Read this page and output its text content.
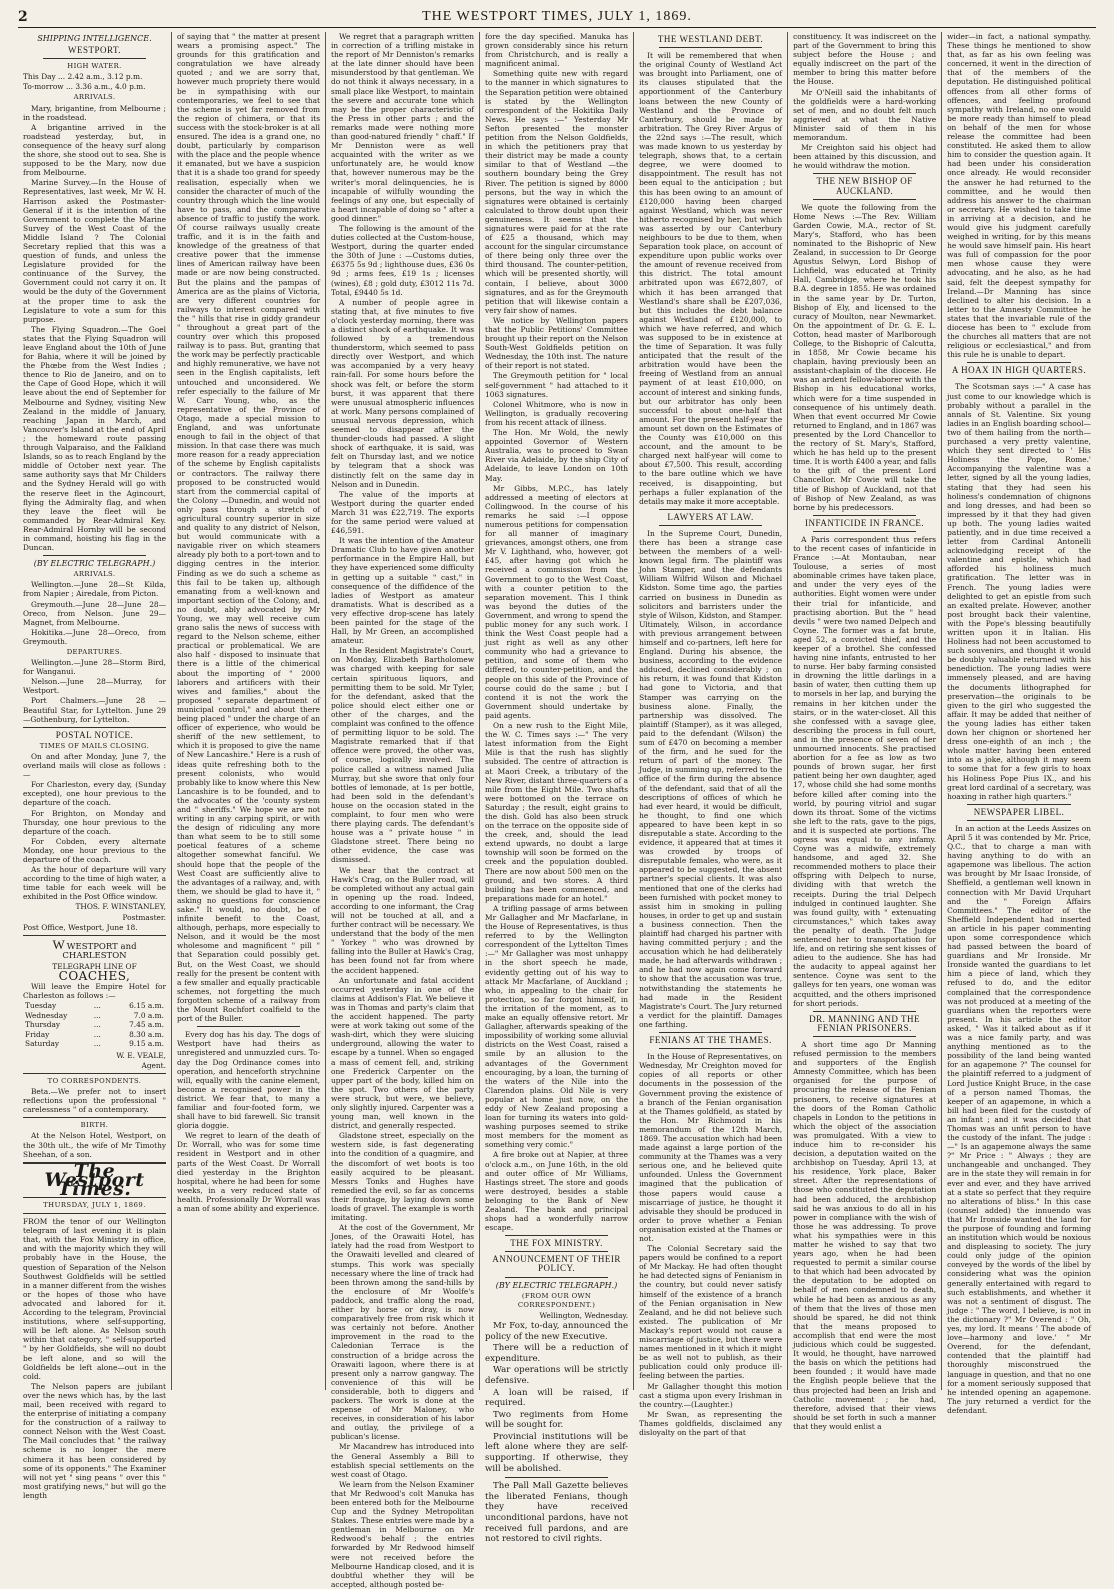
2	THE WESTPORT TIMES, JULY 1, 1869.
SHIPPING INTELLIGENCE.
WESTPORT.
HIGH WATER.

This Day ... 2.42 a.m., 3.12 p.m.

To-morrow ... 3.36 a.m., 4.0 p.m.

ARRIVALS.

Mary, brigantine, from Melbourne ; in the roadstead.

A brigantine arrived in the roadstead yesterday, but, in consequence of the heavy surf along the shore, she stood out to sea. She is supposed to be the Mary, now due from Melbourne.

Marine Survey.—In the House of Representatives, last week, Mr W. H. Harrison asked the Postmaster-General if it is the intention of the Government to complete the Marine Survey of the West Coast of the Middle Island ? The Colonial Secretary replied that this was a question of funds, and unless the Legislature provided for the continuance of the Survey, the Government could not carry it on. It would be the duty of the Government at the proper time to ask the Legislature to vote a sum for this purpose.

The Flying Squadron.—The Goel states that the Flying Squadron will leave England about the 10th of June for Bahia, where it will be joined by the Phœbe from the West Indies ; thence to Rio de Janeiro, and on to the Cape of Good Hope, which it will leave about the end of September for Melbourne and Sydney, visiting New Zealand in the middle of January, reaching Japan in March, and Vancouver's Island at the end of April ; the homeward route passing through Valparaiso, and the Falkland Islands, so as to reach England by the middle of October next year. The same authority says that Mr Childers and the Sydney Herald will go with the reserve fleet in the Agincourt, flying the Admiralty flag, and when they leave the fleet will be commanded by Rear-Admiral Key. Rear-Admiral Hornby will be second in command, hoisting his flag in the Duncan.

(BY ELECTRIC TELEGRAPH.)
ARRIVALS.

Wellington.—June 28—St Kilda, from Napier ; Airedale, from Picton.

Greymouth.—June 28—June 28—Oreco, from Nelson. June 29—Magnet, from Melbourne.

Hokitika.—June 28—Oreco, from Greymouth.

DEPARTURES.

Wellington.—June 28—Storm Bird, for Wanganui.

Nelson.—June 28—Murray, for Westport.

Port Chalmers.—June 28 — Beautiful Star, for Lyttelton. June 29—Gothenburg, for Lyttelton.

POSTAL NOTICE.
TIMES OF MAILS CLOSING.

On and after Monday, June 7, the overland mails will close as follows :—

For Charleston, every day, (Sunday excepted), one hour previous to the departure of the coach.

For Brighton, on Monday and Thursday, one hour previous to the departure of the coach.

For Cobden, every alternate Monday, one hour previous to the departure of the coach.

As the hour of departure will vary according to the time of high water, a time table for each week will be exhibited in the Post Office window.

THOS. F. WINSTANLEY,

Postmaster.

Post Office, Westport, June 18.

WWESTPORT and CHARLESTON

TELEGRAPH LINE OF

COACHES,

Will leave the Empire Hotel for Charleston as follows :—

Tuesday	...	6.15 a.m.
Wednesday	...	7.0 a.m.
Thursday	...	7.45 a.m.
Friday	...	8.30 a.m.
Saturday	...	9.15 a.m.

W. E. VEALE,

Agent.

TO CORRESPONDENTS.

Beta.—We prefer not to insert reflections upon the professional " carelessness " of a contemporary.

BIRTH.

At the Nelson Hotel, Westport, on the 30th ult., the wife of Mr Timothy Sheehan, of a son.

The Westport Times.
THURSDAY, JULY 1, 1869.

FROM the tenor of our Wellington telegram of last evening it is plain that, with the Fox Ministry in office, and with the majority which they will probably have in the House, the question of Separation of the Nelson Southwest Goldfields will be settled in a manner different from the wishes or the hopes of those who have advocated and labored for it. According to the telegram, Provincial institutions, where self-supporting, will be left alone. As Nelson south within that category, " self-supported " by her Goldfields, she will no doubt be left alone, and so will the Goldfields be left alone—out in the cold.

The Nelson papers are jubilant over the news which has, by the last mail, been received with regard to the enterprise of initiating a company for the construction of a railway to connect Nelson with the West Coast. The Mail concludes that " the railway scheme is no longer the mere chimera it has been considered by some of its opponents." The Examiner will not yet " sing peans " over this " most gratifying news," but will go the length

of saying that " the matter at present wears a promising aspect." The grounds for this gratification and congratulation we have already quoted ; and we are sorry that, however much propriety there would be in sympathising with our contemporaries, we feel to see that the scheme is yet far removed from the region of chimera, or that its success with the stock-broker is at all ensured. The idea is a grand one, no doubt, particularly by comparison with the place and the people whence it emanated, but we have a suspicion that it is a shade too grand for speedy realisation, especially when we consider the character of much of the country through which the line would have to pass, and the comparative absence of traffic to justify the work. Of course railways usually create traffic, and it is in the faith and knowledge of the greatness of that creative power that the immense lines of American railway have been made or are now being constructed. But the plains and the pampas of America are as the plains of Victoria, are very different countries for railways to interest compared with the " hills that rise in giddy grandeur " throughout a great part of the country over which this proposed railway is to pass. But, granting that the work may be perfectly practicable and highly remunerative, we have not seen in the English capitalists, left untouched and unconsidered. We refer especially to the failure of Mr W. Carr Young, who, as the representative of the Province of Otago, made a special mission to England, and was unfortunate enough to fail in the object of that mission. In that case there was much more reason for a ready appreciation of the scheme by English capitalists or contractors. The railway there proposed to be constructed would start from the commercial capital of the Colony —Dunedin, and would not only pass through a stretch of agricultural country superior in size and quality to any district of Nelson, but would communicate with a navigable river on which steamers already ply both to a port-town and to digging centres in the interior. Finding as we do such a scheme as this fail to be taken up, although emanating from a well-known and important section of the Colony, and, no doubt, ably advocated by Mr Young, we may well receive cum grano salis the news of success with regard to the Nelson scheme, either practical or problematical. We are also half - disposed to insinuate that there is a little of the chimerical about the importing of " 2000 laborers and artificers with their wives and families," about the proposed " separate department of municipal control," and about there being placed " under the charge of an officer of experience, who would be sheriff of the new settlement, to which it is proposed to give the name of New Lancashire." Here is a rush of ideas quite refreshing both to the present colonists, who would probably like to know where this New Lancashire is to be founded, and to the advocates of the 'county system and " sheriffs." We hope we are not writing in any carping spirit, or with the design of ridiculing any more than what seem to be to still some poetical features of a scheme altogether somewhat fanciful. We should hope that the people of the West Coast are sufficiently alive to the advantages of a railway, and, with them, we should be glad to have it, " asking no questions for conscience sake." It would, no doubt, be of infinite benefit to the Coast, although, perhaps, more especially to Nelson, and it would be the most wholesome and magnificent " pill " that Separation could possibly get. But, on the West Coast, we should really for the present be content with a few smaller and equally practicable schemes, not forgetting the much forgotten scheme of a railway from the Mount Rochfort coalfield to the port of the Buller.

Every dog has his day. The dogs of Westport have had theirs as unregistered and unmuzzled curs. To-day the Dog Ordinance comes into operation, and henceforth strychnine will, equally with the canine element, become a recognised power in the district. We fear that, to many a familiar and four-footed form, we shall have to bid farewell. Sic transit gloria doggie.

We regret to learn of the death of Dr. Worrall, who was for some time resident in Westport and in other parts of the West Coast. Dr Worrall died yesterday in the Brighton hospital, where he had been for some weeks, in a very reduced state of health. Professionally Dr Worrall was a man of some ability and experience.

We regret that a paragraph written in correction of a trifling mistake in the report of Mr Denniston's remarks at the late dinner should have been misunderstood by that gentleman. We do not think it always necessary, in a small place like Westport, to maintain the severe and accurate tone which may be the proper characteristic of the Press in other parts ; and the remarks made were nothing more than good-natured friendly " chaff." If Mr Denniston were as well acquainted with the writer as we unfortunately are, he would know that, however numerous may be the writer's moral delinquencies, he is incapable of wilfully wounding the feelings of any one, but especially of a heart incapable of doing so " after a good dinner."

The following is the amount of the duties collected at the Custom-house, Westport, during the quarter ended the 30th of June : —Customs duties, £6375 5s 9d ; lighthouse dues, £36 0s 9d ; arms fees, £19 1s ; licenses (wines), £8 ; gold duty, £3012 11s 7d. Total, £9440 5s 1d.

A number of people agree in stating that, at five minutes to five o'clock yesterday morning, there was a distinct shock of earthquake. It was followed by a tremendous thunderstorm, which seemed to pass directly over Westport, and which was accompanied by a very heavy rain-fall. For some hours before the shock was felt, or before the storm burst, it was apparent that there were unusual atmospheric influences at work. Many persons complained of unusual nervous depression, which seemed to disappear after the thunder-clouds had passed. A slight shock of earthquake, it is said, was felt on Thursday last, and we notice by telegram that a shock was distinctly felt on the same day in Nelson and in Dunedin.

The value of the imports at Westport during the quarter ended March 31 was £22,719. The exports for the same period were valued at £46,591.

It was the intention of the Amateur Dramatic Club to have given another performance in the Empire Hall, but they have experienced some difficulty in getting up a suitable " cast," in consequence of the diffidence of the ladies of Westport as amateur dramatists. What is described as a very effective drop-scene has lately been painted for the stage of the Hall, by Mr Green, an accomplished amateur.

In the Resident Magistrate's Court, on Monday, Elizabeth Bartholomew was charged with keeping for sale certain spirituous liquors, and permitting them to be sold. Mr Tyler, for the defendant, asked that the police should elect either one or other of the charges, and the complaint was confined to the offence of permitting liquor to be sold. The Magistrate remarked that if that offence were proved, the other was, of course, logically involved. The police called a witness named Julia Murray, but she swore that only four bottles of lemonade, at 1s per bottle, had been sold in the defendant's house on the occasion stated in the complaint, to four men who were there playing cards. The defendant's house was a " private house " in Gladstone street. There being no other evidence, the case was dismissed.

We hear that the contract at Hawk's Crag, on the Buller road, will be completed without any actual gain in opening up the road. Indeed, according to one informant, the Crag will not be touched at all, and a further contract will be necessary. We understand that the body of the men " Yorkey " who was drowned by falling into the Buller at Hawk's Crag, has been found not far from where the accident happened.

An unfortunate and fatal accident occurred yesterday in one of the claims at Addison's Flat. We believe it was in Thomas and party's claim that the accident happened. The party were at work taking out some of the wash-dirt, which they were sluicing underground, allowing the water to escape by a tunnel. When so engaged a mass of cement fell, and, striking one Frederick Carpenter on the upper part of the body, killed him on the spot. Two others of the party were struck, but were, we believe, only slightly injured. Carpenter was a young man, well known in the district, and generally respected.

Gladstone street, especially on the western side, is fast degenerating into the condition of a quagmire, and the discomfort of wet boots is too easily acquired to be pleasant. Messrs Tonks and Hughes have remedied the evil, so far as concerns their frontage, by laying down some loads of gravel. The example is worth imitating.

At the cost of the Government, Mr Jones, of the Orawaiti Hotel, has lately had the road from Westport to the Orawaiti levelled and cleared of stumps. This work was specially necessary where the line of track had been thrown among the sand-hills by the enclosure of Mr Woolfe's paddock, and traffic along the road, either by horse or dray, is now comparatively free from risk which it was certainly not before. Another improvement in the road to the Caledonian Terrace is the construction of a bridge across the Orawaiti lagoon, where there is at present only a narrow gangway. The convenience of this will be considerable, both to diggers and packers. The work is done at the expense of Mr Maloney, who receives, in consideration of his labor and outlay, the privilege of a publican's license.

Mr Macandrew has introduced into the General Assembly a Bill to establish special settlements on the west coast of Otago.

We learn from the Nelson Examiner that Mr Redwood's colt Manuka has been entered both for the Melbourne Cup and the Sydney Metropolitan Stakes. These entries were made by a gentleman in Melbourne on Mr Redwood's behalf ; the entries forwarded by Mr Redwood himself were not received before the Melbourne Handicap closed, and it is doubtful whether they will be accepted, although posted be-

fore the day specified. Manuka has grown considerably since his return from Christchurch, and is really a magnificent animal.

Something quite new with regard to the manner in which signatures to the Separation petition were obtained is stated by the Wellington correspondent of the Hokitika Daily News. He says :—" Yesterday Mr Sefton presented the monster petition from the Nelson Goldfields, in which the petitioners pray that their district may be made a county similar to that of Westland —the southern boundary being the Grey River. The petition is signed by 8000 persons, but the way in which the signatures were obtained is certainly calculated to throw doubt upon their genuineness. It seems that the signatures were paid for at the rate of £25 a thousand, which may account for the singular circumstance of there being only three over the third thousand. The counter-petition, which will be presented shortly, will contain, I believe, about 3000 signatures, and as for the Greymouth petition that will likewise contain a very fair show of names.

We notice by Wellington papers that the Public Petitions' Committee brought up their report on the Nelson South-West Goldfields petition on Wednesday, the 10th inst. The nature of their report is not stated.

The Greymouth petition for " local self-government " had attached to it 1063 signatures.

Colonel Whitmore, who is now in Wellington, is gradually recovering from his recent attack of illness.

The Hon. Mr Wold, the newly appointed Governor of Western Australia, was to proceed to Swan River via Adelaide, by the ship City of Adelaide, to leave London on 10th May.

Mr Gibbs, M.P.C., has lately addressed a meeting of electors at Collingwood. In the course of his remarks he said :—I oppose numerous petitions for compensation for all manner of imaginary grievances, amongst others, one from Mr V. Lighthand, who, however, got £45, after having got which he received a commission from the Government to go to the West Coast, with a counter petition to the separation movement. This I think was beyond the duties of the Government, and wrong to spend the public money for any such work. I think the West Coast people had a just right as well as any other community who had a grievance to petition, and some of them who differed, to counter-petition, and the people on this side of the Province of course could do the same ; but I contend it is not the work the Government should undertake by paid agents.

On a new rush to the Eight Mile, the W. C. Times says :—" The very latest information from the Eight Mile is that the rush has slightly subsided. The centre of attraction is at Maori Creek, a tributary of the New River, distant three-quarters of a mile from the Eight Mile. Two shafts were bottomed on the terrace on Saturday ; the result, eight grains to the dish. Gold has also been struck on the terrace on the opposite side of the creek, and, should the lead extend upwards, no doubt a large township will soon be formed on the creek and the population doubled. There are now about 500 men on the ground, and two stores. A third building has been commenced, and preparations made for an hotel."

A trifling passage of arms between Mr Gallagher and Mr Macfarlane, in the House of Representatives, is thus referred to by the Wellington correspondent of the Lyttelton Times :—" Mr Gallagher was most unhappy in the short speech he made, evidently getting out of his way to attack Mr Macfarlane, of Auckland ; who, in appealing to the chair for protection, so far forgot himself, in the irritation of the moment, as to make an equally offensive retort. Mr Gallagher, afterwards speaking of the impossibility of working some alluvial districts on the West Coast, raised a smile by an allusion to the advantages of the Government encouraging, by a loan, the turning of the waters of the Nile into the Clarendon plains. Old Nile is very popular at home just now, on the eddy of New Zealand proposing a loan for turning its waters into gold-washing purposes seemed to strike most members for the moment as something very comic."

A fire broke out at Napier, at three o'clock a.m., on June 16th, in the old and outer office of Mr Williams, Hastings street. The store and goods were destroyed, besides a stable belonging to the Bank of New Zealand. The bank and principal shops had a wonderfully narrow escape.

THE FOX MINISTRY.
ANNOUNCEMENT OF THEIR POLICY.
(BY ELECTRIC TELEGRAPH.)
(FROM OUR OWN CORRESPONDENT.)

Wellington, Wednesday.

Mr Fox, to-day, announced the policy of the new Executive.

There will be a reduction of expenditure.

War operations will be strictly defensive.

A loan will be raised, if required.

Two regiments from Home will be sought for.

Provincial institutions will be left alone where they are self-supporting. If otherwise, they will be abolished.

The Pall Mall Gazette believes the liberated Fenians, though they have received unconditional pardons, have not received full pardons, and are not restored to civil rights.

THE WESTLAND DEBT.

It will be remembered that when the original County of Westland Act was brought into Parliament, one of its clauses stipulated that the apportionment of the Canterbury loans between the new County of Westland and the Province of Canterbury, should be made by arbitration. The Grey River Argus of the 22nd says :—The result, which was made known to us yesterday by telegraph, shows that, to a certain degree, we were doomed to disappointment. The result has not been equal to the anticipation ; but this has been owing to an amount of £120,000 having been charged against Westland, which was never hitherto recognised by her, but which was asserted by our Canterbury neighbours to be due to them, when Separation took place, on account of expenditure upon public works over the amount of revenue received from this district. The total amount arbitrated upon was £672,807, of which it has been arranged that Westland's share shall be £207,036, but this includes the debt balance against Westland of £120,000, to which we have referred, and which was supposed to be in existence at the time of Separation. It was fully anticipated that the result of the arbitration would have been the freeing of Westland from an annual payment of at least £10,000, on account of interest and sinking funds, but our arbitrator has only been successful to about one-half that amount. For the present half-year the amount set down on the Estimates of the County was £10,000 on this account, and the amount to be charged next half-year will come to about £7,500. This result, according to the bare outline which we have received, is disappointing, but perhaps a fuller explanation of the details may make it more acceptable.

LAWYERS AT LAW.

In the Supreme Court, Dunedin, there has been a strange case between the members of a well-known legal firm. The plaintiff was John Stamper, and the defendants William Wilfrid Wilson and Michael Kidston. Some time ago, the parties carried on business in Dunedin as solicitors and barristers under the style of Wilson, Kidston, and Stamper. Ultimately, Wilson, in accordance with previous arrangement between himself and co-partners, left here for England. During his absence, the business, according to the evidence adduced, declined considerably ; on his return, it was found that Kidston had gone to Victoria, and that Stamper was carrying on the business alone. Finally, the partnership was dissolved. The plaintiff (Stamper), as it was alleged, paid to the defendant (Wilson) the sum of £470 on becoming a member of the firm, and he sued for the return of part of the money. The Judge, in summing up, referred to the office of the firm during the absence of the defendant, said that of all the descriptions of offices of which he had ever heard, it would be difficult, he thought, to find one which appeared to have been kept in so disreputable a state. According to the evidence, it appeared that at times it was crowded by troops of disreputable females, who were, as it appeared to be suggested, the absent partner's special clients. It was also mentioned that one of the clerks had been furnished with pocket money to assist him in smoking in pulling houses, in order to get up and sustain a business connection. Then the plaintiff had charged his partner with having committed perjury ; and the accusation which he had deliberately made, he had afterwards withdrawn ; and he had now again come forward to show that the accusation was true, notwithstanding the statements he had made in the Resident Magistrate's Court. The Jury returned a verdict for the plaintiff. Damages one farthing.

FENIANS AT THE THAMES.

In the House of Representatives, on Wednesday, Mr Creighton moved for copies of all reports or other documents in the possession of the Government proving the existence of a branch of the Fenian organisation at the Thames goldfield, as stated by the Hon. Mr Richmond in his memorandum of the 12th March, 1869. The accusation which had been made against a large portion of the community at the Thames was a very serious one, and he believed quite unfounded. Unless the Government imagined that the publication of those papers would cause a miscarriage of justice, he thought it advisable they should be produced in order to prove whether a Fenian organisation existed at the Thames or not.

The Colonial Secretary said the papers would be confined to a report of Mr Mackay. He had often thought he had detected signs of Fenianism in the country, but could never satisfy himself of the existence of a branch of the Fenian organisation in New Zealand, and he did not believe such existed. The publication of Mr Mackay's report would not cause a miscarriage of justice, but there were names mentioned in it which it might be as well not to publish, as their publication could only produce ill-feeling between the parties.

Mr Gallagher thought this motion cast a stigma upon every Irishman in the country.—(Laughter.)

Mr Swan, as representing the Thames goldfields, disclaimed any disloyalty on the part of that

constituency. It was indiscreet on the part of the Government to bring this subject before the House ; and equally indiscreet on the part of the member to bring this matter before the House.

Mr O'Neill said the inhabitants of the goldfields were a hard-working set of men, and no doubt felt much aggrieved at what the Native Minister said of them in his memorandum.

Mr Creighton said his object had been attained by this discussion, and he would withdraw the motion.

THE NEW BISHOP OF AUCKLAND.

We quote the following from the Home News :—The Rev. William Garden Cowie, M.A., rector of St. Mary's, Stafford, who has been nominated to the Bishopric of New Zealand, in succession to Dr George Agustus Selwyn, Lord Bishop of Lichfield, was educated at Trinity Hall, Cambridge, where he took his B.A. degree in 1855. He was ordained in the same year by Dr. Turton, Bishop of Ely, and licensed to the curacy of Moulton, near Newmarket. On the appointment of Dr. G. E. L. Cotton, head master of Marlborough College, to the Bishopric of Calcutta, in 1858, Mr Cowie became his chaplain, having previously been an assistant-chaplain of the diocese. He was an ardent fellow-laborer with the Bishop in his educational works, which were for a time suspended in consequence of his untimely death. When that event occurred Mr Cowie returned to England, and in 1867 was presented by the Lord Chancellor to the rectory of St. Mary's, Stafford, which he has held up to the present time. It is worth £400 a year, and falls to the gift of the present Lord Chancellor. Mr Cowie will take the title of Bishop of Auckland, not that of Bishop of New Zealand, as was borne by his predecessors.

INFANTICIDE IN FRANCE.

A Paris correspondent thus refers to the recent cases of infanticide in France :—At Montauban, near Toulouse, a series of most abominable crimes have taken place, and under the very eyes of the authorities. Eight women were under their trial for infanticide, and practising abortion. But the " head devils " were two named Delpech and Coyne. The former was a fat brute, aged 52, a convicted thief, and the keeper of a brothel. She confessed having nine infants, entrusted to her to nurse. Her baby farming consisted in drowning the little darlings in a basin of water, then cutting them up to morsels in her lap, and burying the remains in her kitchen under the stairs, or in the water-closet. All this she confessed with a savage glee, describing the process in full court, and in the presence of seven of her unmourned innocents. She practised abortion for a fee as low as two pounds of brown sugar, her first patient being her own daughter, aged 17, whose child she had some months before killed after coming into the world, by pouring vitriol and sugar down its throat. Some of the victims she left to the rats, gave to the pigs, and it is suspected ate portions. The ogress was equal to any infamy. Coyne was a midwife, extremely handsome, and aged 32. She recommended mothers to place their offspring with Delpech to nurse, dividing with that wretch the receipts. During the trial Delpech indulged in continued laughter. She was found guilty, with " extenuating circumstances," which takes away the penalty of death. The Judge sentenced her to transportation for life, and on retiring she sent kisses of adieu to the audience. She has had the audacity to appeal against her sentence. Coyne was sent to the galleys for ten years, one woman was acquitted, and the others imprisoned for short periods.

DR. MANNING AND THE FENIAN PRISONERS.

A short time ago Dr Manning refused permission to the members and supporters of the English Amnesty Committee, which has been organised for the purpose of procuring the release of the Fenian prisoners, to receive signatures at the doors of the Roman Catholic chapels in London to the petitions in which the object of the association was promulgated. With a view to induce him to re-consider his decision, a deputation waited on the archbishop on Tuesday, April 13, at his residence, York place, Baker street. After the representations of those who constituted the deputation had been adduced, the archbishop said he was anxious to do all in his power in compliance with the wish of those he was addressing. To prove what his sympathies were in this matter he wished to say that two years ago, when he had been requested to permit a similar course to that which had been advocated by the deputation to be adopted on behalf of men condemned to death, while he had been as anxious as any of them that the lives of those men should be spared, he did not think that the means proposed to accomplish that end were the most judicious which could be suggested. It would, he thought, have narrowed the basis on which the petitions had been founded ; it would have made the English people believe that the thus projected had been an Irish and Catholic movement ; he had, therefore, advised that their views should be set forth in such a manner that they would enlist a

wider—in fact, a national sympathy. These things he mentioned to show that, as far as his own feeling was concerned, it went in the direction of that of the members of the deputation. He distinguished political offences from all other forms of offences, and feeling profound sympathy with Ireland, no one would be more ready than himself to plead on behalf of the men for whose release the committee had been constituted. He asked them to allow him to consider the question again. It had been under his consideration once already. He would reconsider the answer he had returned to the committee, and he would then address his answer to the chairman or secretary. He wished to take time in arriving at a decision, and he would give his judgment carefully weighed in writing, for by this means he would save himself pain. His heart was full of compassion for the poor men whose cause they were advocating, and he also, as he had said, felt the deepest sympathy for Ireland.—Dr Manning has since declined to alter his decision. In a letter to the Amnesty Committee he states that the invariable rule of the diocese has been to " exclude from the churches all matters that are not religious or ecclesiastical," and from this rule he is unable to depart.

A HOAX IN HIGH QUARTERS.

The Scotsman says :—" A case has just come to our knowledge which is probably without a parallel in the annals of St. Valentine. Six young ladies in an English boarding school—two of them hailing from the north—purchased a very pretty valentine, which they sent directed to ' His Holiness the Pope, Rome.' Accompanying the valentine was a letter, signed by all the young ladies, stating that they had seen his holiness's condemnation of chignons and long dresses, and had been so impressed by it that they had given up both. The young ladies waited patiently, and in due time received a letter from Cardinal Antonelli acknowledging receipt of the valentine and epistle, which had afforded his holiness much gratification. The letter was in French. The young ladies were delighted to get an epistle from such an exalted prelate. However, another post brought back their valentine, with the Pope's blessing beautifully written upon it in Italian. His Holiness had not been accustomed to such souvenirs, and thought it would be doubly valuable returned with his benediction. The young ladies were immensely pleased, and are having the documents lithographed for preservation—the originals to be given to the girl who suggested the affair. It may be added that neither of the young ladies has either taken down her chignon or shortened her dress one-eighth of an inch ; the whole matter having been entered into as a joke, although it may seem to some that for a few girls to hoax his Holiness Pope Pius IX., and his great lord cardinal of a secretary, was hoaxing in rather high quarters."

NEWSPAPER LIBEL.

In an action at the Leeds Assizes on April 5 it was contended by Mr. Price, Q.C., that to charge a man with having anything to do with an agapemone was libellous. The action was brought by Mr Isaac Ironside, of Sheffield, a gentleman well known in connection with Mr David Urquhart and the " Foreign Affairs Committees." The editor of the Sheffield Independent had inserted an article in his paper commenting upon some correspondence which had passed between the board of guardians and Mr Ironside. Mr Ironside wanted the guardians to let him a piece of land, which they refused to do, and the editor complained that the correspondence was not produced at a meeting of the guardians when the reporters were present. In his article the editor asked, " Was it talked about as if it was a nice family party, and was anything mentioned as to the possibility of the land being wanted for an agapemone ?" The counsel for the plaintiff referred to a judgment of Lord Justice Knight Bruce, in the case of a person named Thomas, the keeper of an agapemone, in which a bill had been filed for the custody of an infant ; and it was decided that Thomas was an unfit person to have the custody of the infant. The judge :—" Is an agapemone always the same ?" Mr Price : " Always ; they are unchangeable and unchanged. They are in the state they will remain in for ever and ever, and they have arrived at a state so perfect that they require no alterations of bliss." In this case (counsel added) the innuendo was that Mr Ironside wanted the land for the purpose of founding and forming an institution which would be noxious and displeasing to society. The jury could only judge of the opinion conveyed by the words of the libel by considering what was the opinion generally entertained with regard to such establishments, and whether it was not a sentiment of disgust. The judge : " The word, I believe, is not in the dictionary ?" Mr Overend : " Oh, yes, my lord. It means ' The abode of love—harmony and love.' " Mr Overend, for the defendant, contended that the plaintiff had thoroughly misconstrued the language in question, and that no one for a moment seriously supposed that he intended opening an agapemone. The jury returned a verdict for the defendant.
